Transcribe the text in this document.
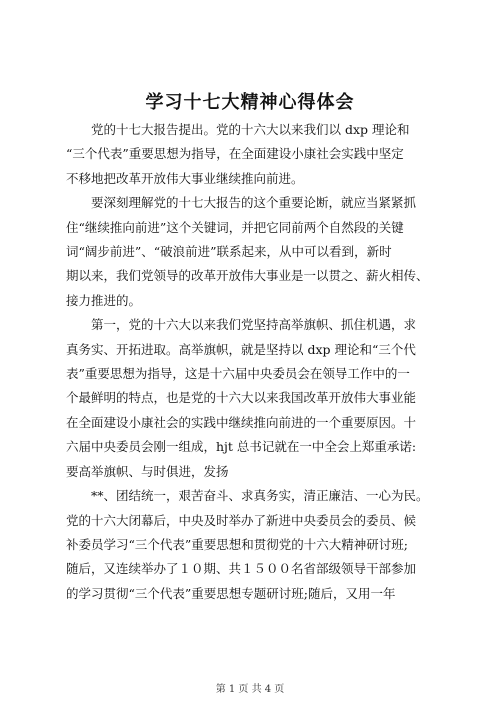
学习十七大精神心得体会
　　党的十七大报告提出。党的十六大以来我们以 dxp 理论和
“三个代表”重要思想为指导，在全面建设小康社会实践中坚定
不移地把改革开放伟大事业继续推向前进。
　　要深刻理解党的十七大报告的这个重要论断，就应当紧紧抓
住“继续推向前进”这个关键词，并把它同前两个自然段的关键
词“阔步前进”、“破浪前进”联系起来，从中可以看到，新时
期以来，我们党领导的改革开放伟大事业是一以贯之、薪火相传、
接力推进的。
　　第一，党的十六大以来我们党坚持高举旗帜、抓住机遇，求
真务实、开拓进取。高举旗帜，就是坚持以 dxp 理论和“三个代
表”重要思想为指导，这是十六届中央委员会在领导工作中的一
个最鲜明的特点，也是党的十六大以来我国改革开放伟大事业能
在全面建设小康社会的实践中继续推向前进的一个重要原因。十
六届中央委员会刚一组成，hjt 总书记就在一中全会上郑重承诺:
要高举旗帜、与时俱进，发扬
　　**、团结统一，艰苦奋斗、求真务实，清正廉洁、一心为民。
党的十六大闭幕后，中央及时举办了新进中央委员会的委员、候
补委员学习“三个代表”重要思想和贯彻党的十六大精神研讨班;
随后，又连续举办了１０期、共１５００名省部级领导干部参加
的学习贯彻“三个代表”重要思想专题研讨班;随后，又用一年
第 1 页 共 4 页
